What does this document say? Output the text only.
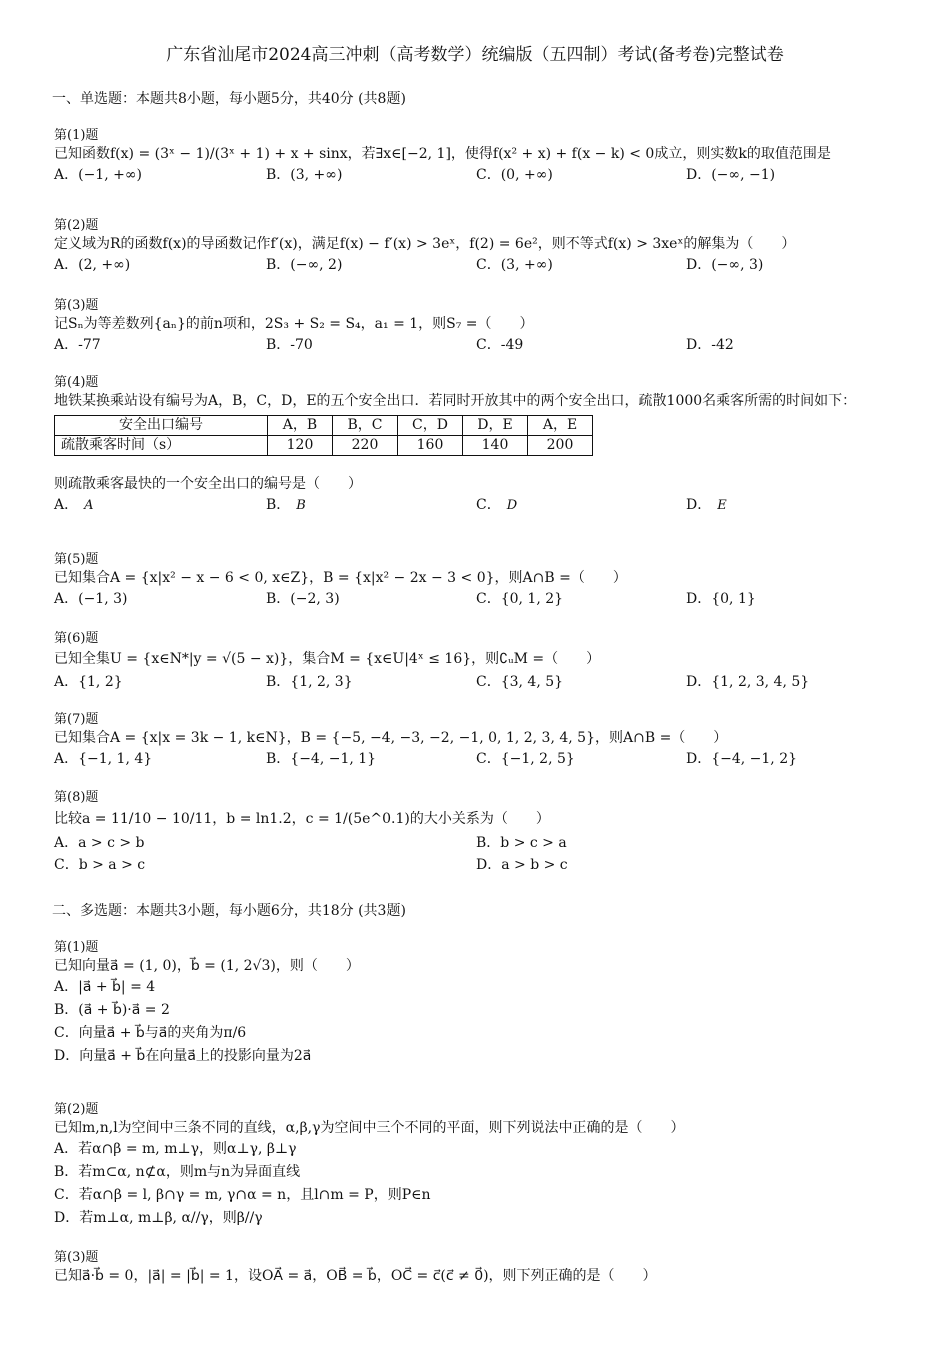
广东省汕尾市2024高三冲刺（高考数学）统编版（五四制）考试(备考卷)完整试卷
一、单选题：本题共8小题，每小题5分，共40分 (共8题)
第(1)题
已知函数f(x) = (3ˣ − 1)/(3ˣ + 1) + x + sinx，若∃x∈[−2, 1]，使得f(x² + x) + f(x − k) < 0成立，则实数k的取值范围是
A．(−1, +∞)	B．(3, +∞)	C．(0, +∞)	D．(−∞, −1)
第(2)题
定义域为R的函数f(x)的导函数记作f′(x)，满足f(x) − f′(x) > 3eˣ，f(2) = 6e²，则不等式f(x) > 3xeˣ的解集为（　　）
A．(2, +∞)	B．(−∞, 2)	C．(3, +∞)	D．(−∞, 3)
第(3)题
记Sₙ为等差数列{aₙ}的前n项和，2S₃ + S₂ = S₄，a₁ = 1，则S₇ =（　　）
A．-77	B．-70	C．-49	D．-42
第(4)题
地铁某换乘站设有编号为A，B，C，D，E的五个安全出口．若同时开放其中的两个安全出口，疏散1000名乘客所需的时间如下：
安全出口编号	A，B	B，C	C，D	D，E	A，E
疏散乘客时间（s）	120	220	160	140	200
则疏散乘客最快的一个安全出口的编号是（　　）
A． A	B． B	C． D	D． E
第(5)题
已知集合A = {x|x² − x − 6 < 0, x∈Z}，B = {x|x² − 2x − 3 < 0}，则A∩B =（　　）
A．(−1, 3)	B．(−2, 3)	C．{0, 1, 2}	D．{0, 1}
第(6)题
已知全集U = {x∈N*|y = √(5 − x)}，集合M = {x∈U|4ˣ ≤ 16}，则∁ᵤM =（　　）
A．{1, 2}	B．{1, 2, 3}	C．{3, 4, 5}	D．{1, 2, 3, 4, 5}
第(7)题
已知集合A = {x|x = 3k − 1, k∈N}，B = {−5, −4, −3, −2, −1, 0, 1, 2, 3, 4, 5}，则A∩B =（　　）
A．{−1, 1, 4}	B．{−4, −1, 1}	C．{−1, 2, 5}	D．{−4, −1, 2}
第(8)题
比较a = 11/10 − 10/11，b = ln1.2，c = 1/(5e^0.1)的大小关系为（　　）
A．a > c > b	B．b > c > a
C．b > a > c	D．a > b > c
二、多选题：本题共3小题，每小题6分，共18分 (共3题)
第(1)题
已知向量a⃗ = (1, 0)，b⃗ = (1, 2√3)，则（　　）
A．|a⃗ + b⃗| = 4
B．(a⃗ + b⃗)·a⃗ = 2
C．向量a⃗ + b⃗与a⃗的夹角为π/6
D．向量a⃗ + b⃗在向量a⃗上的投影向量为2a⃗
第(2)题
已知m,n,l为空间中三条不同的直线，α,β,γ为空间中三个不同的平面，则下列说法中正确的是（　　）
A．若α∩β = m, m⊥γ，则α⊥γ, β⊥γ
B．若m⊂α, n⊄α，则m与n为异面直线
C．若α∩β = l, β∩γ = m, γ∩α = n，且l∩m = P，则P∈n
D．若m⊥α, m⊥β, α//γ，则β//γ
第(3)题
已知a⃗·b⃗ = 0，|a⃗| = |b⃗| = 1，设OA⃗ = a⃗，OB⃗ = b⃗，OC⃗ = c⃗(c⃗ ≠ 0⃗)，则下列正确的是（　　）
